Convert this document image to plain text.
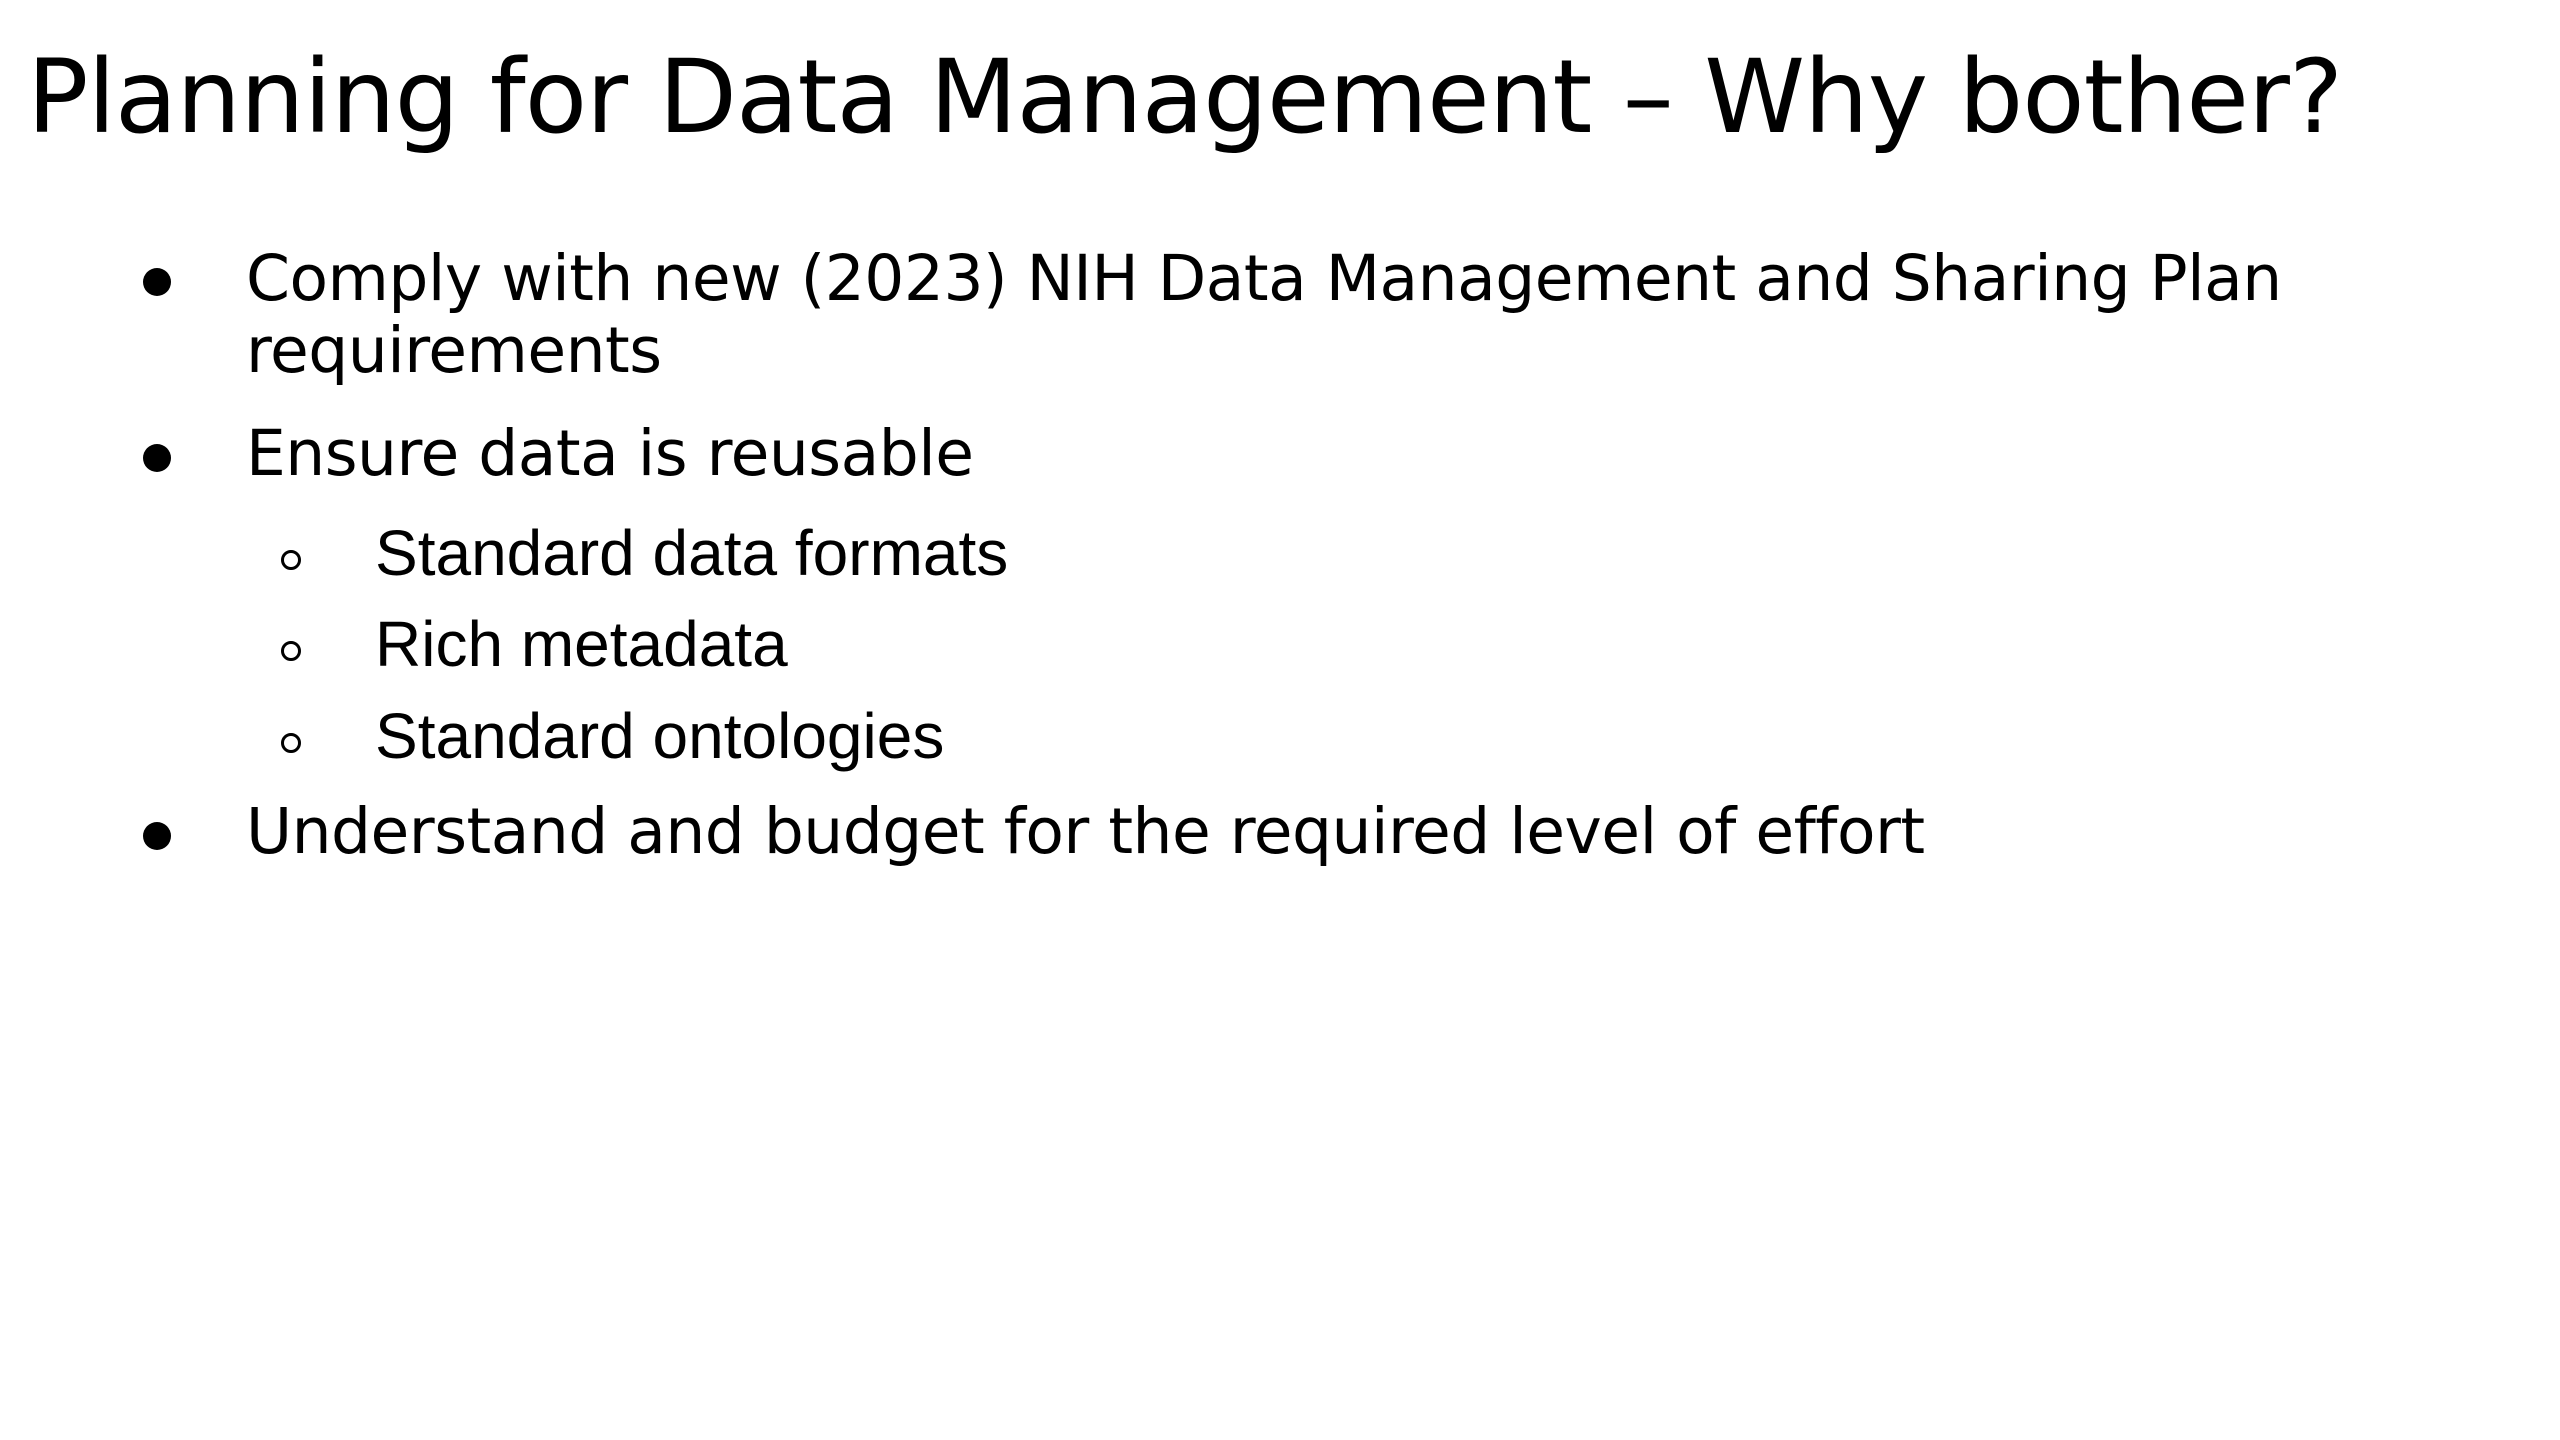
Planning for Data Management – Why bother?
Comply with new (2023) NIH Data Management and Sharing Plan
requirements
Ensure data is reusable
Standard data formats
Rich metadata
Standard ontologies
Understand and budget for the required level of effort
